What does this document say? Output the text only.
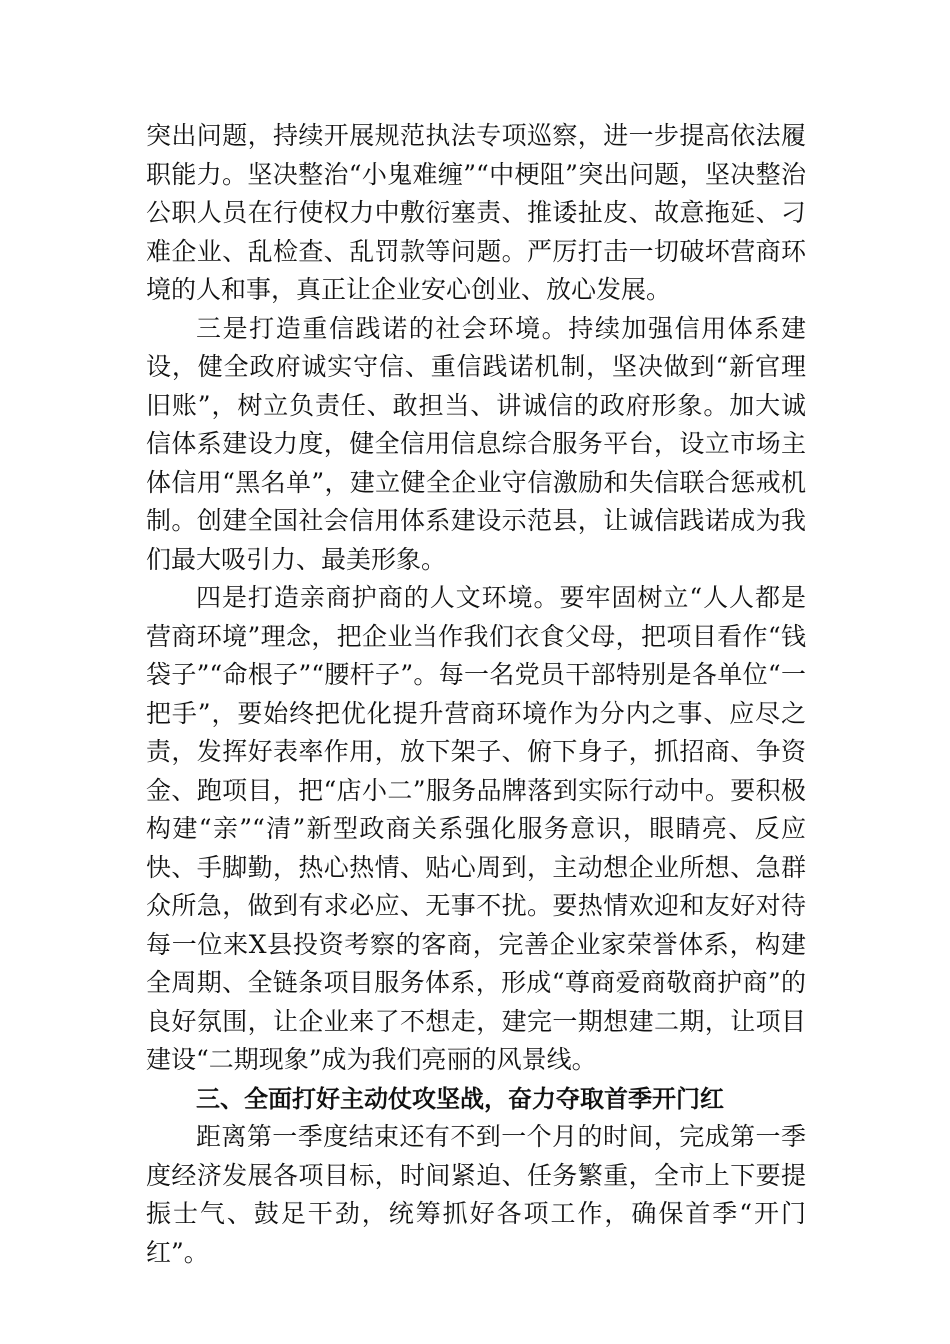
突出问题，持续开展规范执法专项巡察，进一步提高依法履职能力。坚决整治“小鬼难缠”“中梗阻”突出问题，坚决整治公职人员在行使权力中敷衍塞责、推诿扯皮、故意拖延、刁难企业、乱检查、乱罚款等问题。严厉打击一切破坏营商环境的人和事，真正让企业安心创业、放心发展。

三是打造重信践诺的社会环境。持续加强信用体系建设，健全政府诚实守信、重信践诺机制，坚决做到“新官理旧账”，树立负责任、敢担当、讲诚信的政府形象。加大诚信体系建设力度，健全信用信息综合服务平台，设立市场主体信用“黑名单”，建立健全企业守信激励和失信联合惩戒机制。创建全国社会信用体系建设示范县，让诚信践诺成为我们最大吸引力、最美形象。

四是打造亲商护商的人文环境。要牢固树立“人人都是营商环境”理念，把企业当作我们衣食父母，把项目看作“钱袋子”“命根子”“腰杆子”。每一名党员干部特别是各单位“一把手”，要始终把优化提升营商环境作为分内之事、应尽之责，发挥好表率作用，放下架子、俯下身子，抓招商、争资金、跑项目，把“店小二”服务品牌落到实际行动中。要积极构建“亲”“清”新型政商关系强化服务意识，眼睛亮、反应快、手脚勤，热心热情、贴心周到，主动想企业所想、急群众所急，做到有求必应、无事不扰。要热情欢迎和友好对待每一位来X县投资考察的客商，完善企业家荣誉体系，构建全周期、全链条项目服务体系，形成“尊商爱商敬商护商”的良好氛围，让企业来了不想走，建完一期想建二期，让项目建设“二期现象”成为我们亮丽的风景线。

三、全面打好主动仗攻坚战，奋力夺取首季开门红

距离第一季度结束还有不到一个月的时间，完成第一季度经济发展各项目标，时间紧迫、任务繁重，全市上下要提振士气、鼓足干劲，统筹抓好各项工作，确保首季“开门红”。
